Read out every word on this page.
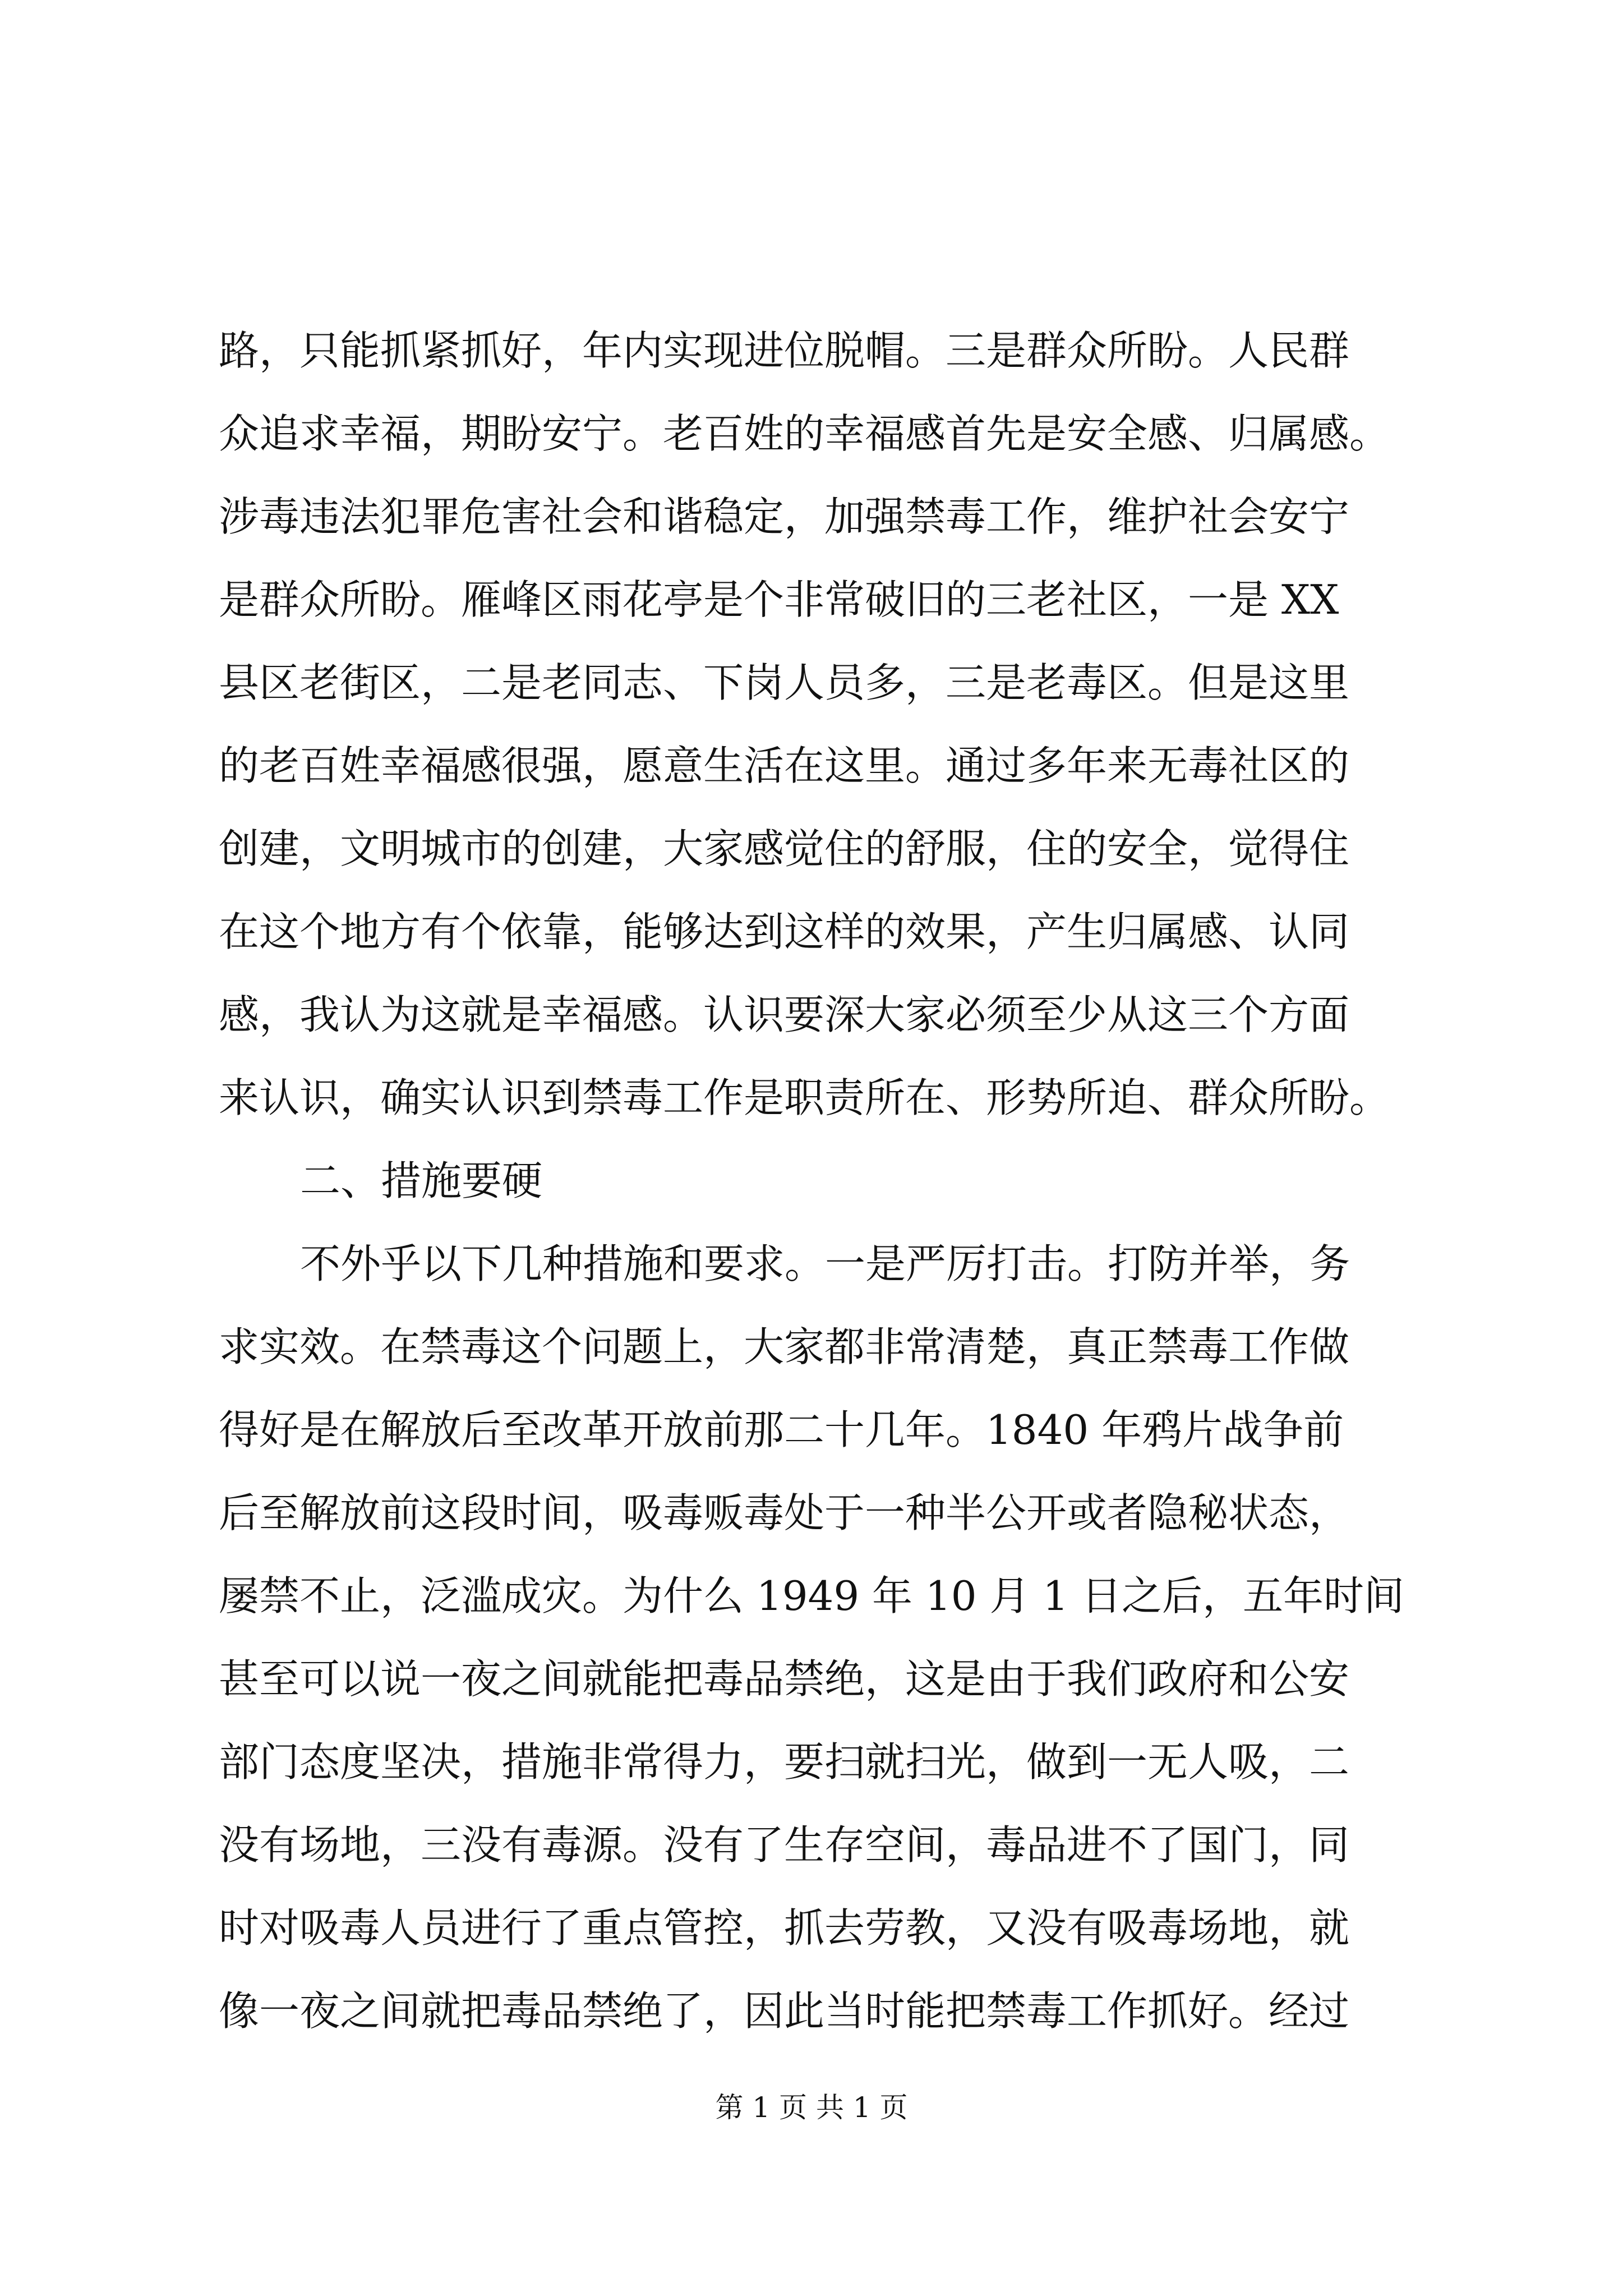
路，只能抓紧抓好，年内实现进位脱帽。三是群众所盼。人民群
众追求幸福，期盼安宁。老百姓的幸福感首先是安全感、归属感。
涉毒违法犯罪危害社会和谐稳定，加强禁毒工作，维护社会安宁
是群众所盼。雁峰区雨花亭是个非常破旧的三老社区，一是 XX
县区老街区，二是老同志、下岗人员多，三是老毒区。但是这里
的老百姓幸福感很强，愿意生活在这里。通过多年来无毒社区的
创建，文明城市的创建，大家感觉住的舒服，住的安全，觉得住
在这个地方有个依靠，能够达到这样的效果，产生归属感、认同
感，我认为这就是幸福感。认识要深大家必须至少从这三个方面
来认识，确实认识到禁毒工作是职责所在、形势所迫、群众所盼。
二、措施要硬
不外乎以下几种措施和要求。一是严厉打击。打防并举，务
求实效。在禁毒这个问题上，大家都非常清楚，真正禁毒工作做
得好是在解放后至改革开放前那二十几年。1840 年鸦片战争前
后至解放前这段时间，吸毒贩毒处于一种半公开或者隐秘状态，
屡禁不止，泛滥成灾。为什么 1949 年 10 月 1 日之后，五年时间
甚至可以说一夜之间就能把毒品禁绝，这是由于我们政府和公安
部门态度坚决，措施非常得力，要扫就扫光，做到一无人吸，二
没有场地，三没有毒源。没有了生存空间，毒品进不了国门，同
时对吸毒人员进行了重点管控，抓去劳教，又没有吸毒场地，就
像一夜之间就把毒品禁绝了，因此当时能把禁毒工作抓好。经过
第 1 页 共 1 页
